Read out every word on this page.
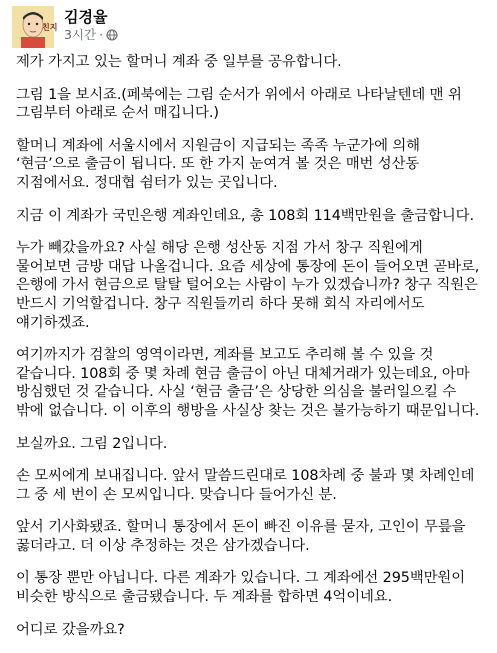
친지
김경율
3시간 ·

제가 가지고 있는 할머니 계좌 중 일부를 공유합니다.

그림 1을 보시죠.(페북에는 그림 순서가 위에서 아래로 나타날텐데 맨 위 그림부터 아래로 순서 매깁니다.)

할머니 계좌에 서울시에서 지원금이 지급되는 족족 누군가에 의해 ‘현금’으로 출금이 됩니다. 또 한 가지 눈여겨 볼 것은 매번 성산동 지점에서요. 정대협 쉼터가 있는 곳입니다.

지금 이 계좌가 국민은행 계좌인데요, 총 108회 114백만원을 출금합니다.

누가 빼갔을까요? 사실 해당 은행 성산동 지점 가서 창구 직원에게 물어보면 금방 대답 나올겁니다. 요즘 세상에 통장에 돈이 들어오면 곧바로, 은행에 가서 현금으로 탈탈 털어오는 사람이 누가 있겠습니까? 창구 직원은 반드시 기억할겁니다. 창구 직원들끼리 하다 못해 회식 자리에서도 얘기하겠죠.

여기까지가 검찰의 영역이라면, 계좌를 보고도 추리해 볼 수 있을 것 같습니다. 108회 중 몇 차례 현금 출금이 아닌 대체거래가 있는데요, 아마 방심했던 것 같습니다. 사실 ‘현금 출금’은 상당한 의심을 불러일으킬 수 밖에 없습니다. 이 이후의 행방을 사실상 찾는 것은 불가능하기 때문입니다.

보실까요. 그림 2입니다.

손 모씨에게 보내집니다. 앞서 말씀드린대로 108차례 중 불과 몇 차례인데 그 중 세 번이 손 모씨입니다. 맞습니다 들어가신 분.

앞서 기사화됐죠. 할머니 통장에서 돈이 빠진 이유를 묻자, 고인이 무릎을 꿇더라고. 더 이상 추정하는 것은 삼가겠습니다.

이 통장 뿐만 아닙니다. 다른 계좌가 있습니다. 그 계좌에선 295백만원이 비슷한 방식으로 출금됐습니다. 두 계좌를 합하면 4억이네요.

어디로 갔을까요?
